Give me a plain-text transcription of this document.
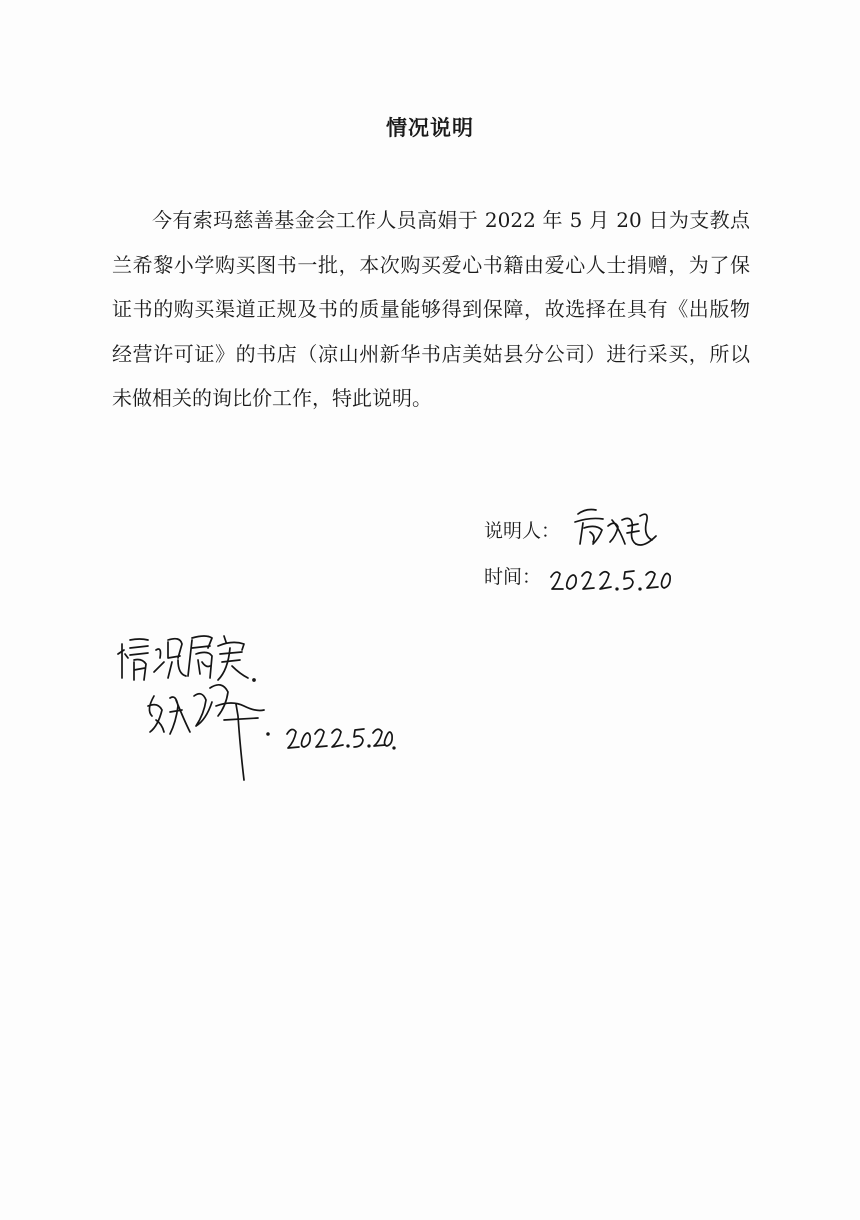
情况说明

今有索玛慈善基金会工作人员高娟于 2022 年 5 月 20 日为支教点兰希黎小学购买图书一批，本次购买爱心书籍由爱心人士捐赠，为了保证书的购买渠道正规及书的质量能够得到保障，故选择在具有《出版物经营许可证》的书店（凉山州新华书店美姑县分公司）进行采买，所以未做相关的询比价工作，特此说明。

说明人：
时间：
